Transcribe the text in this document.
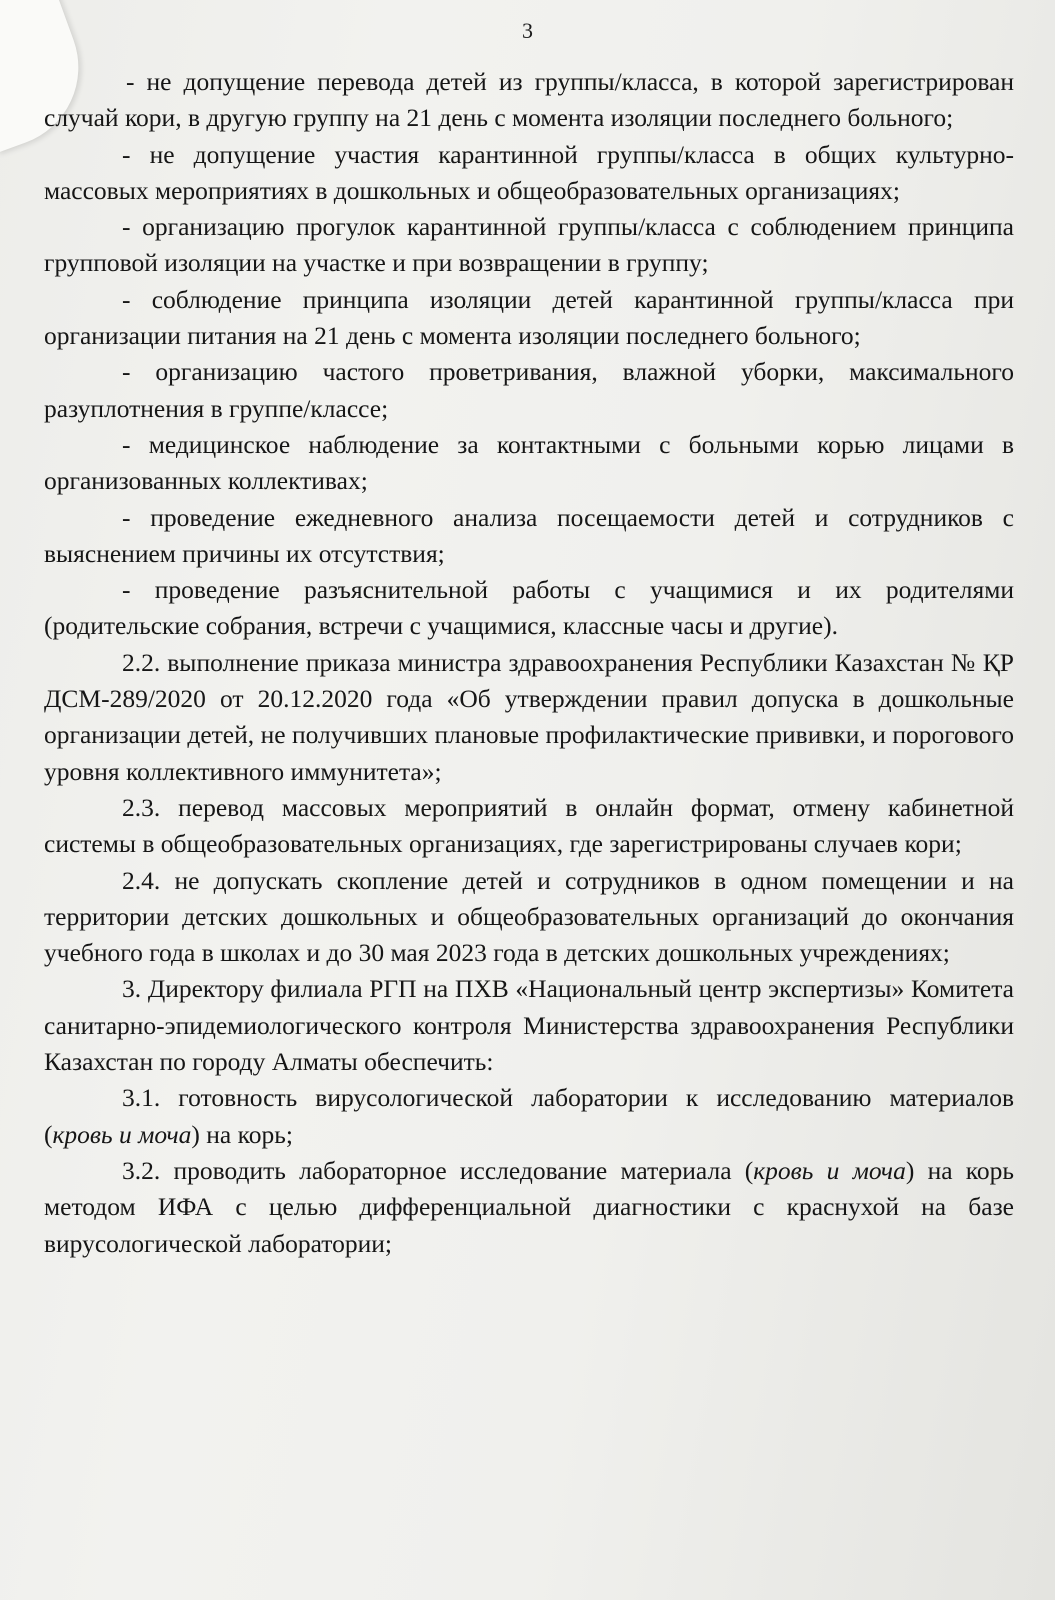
3

- не допущение перевода детей из группы/класса, в которой зарегистрирован случай кори, в другую группу на 21 день с момента изоляции последнего больного;

- не допущение участия карантинной группы/класса в общих культурно-массовых мероприятиях в дошкольных и общеобразовательных организациях;

- организацию прогулок карантинной группы/класса с соблюдением принципа групповой изоляции на участке и при возвращении в группу;

- соблюдение принципа изоляции детей карантинной группы/класса при организации питания на 21 день с момента изоляции последнего больного;

- организацию частого проветривания, влажной уборки, максимального разуплотнения в группе/классе;

- медицинское наблюдение за контактными с больными корью лицами в организованных коллективах;

- проведение ежедневного анализа посещаемости детей и сотрудников с выяснением причины их отсутствия;

- проведение разъяснительной работы с учащимися и их родителями (родительские собрания, встречи с учащимися, классные часы и другие).

2.2. выполнение приказа министра здравоохранения Республики Казахстан № ҚР ДСМ-289/2020 от 20.12.2020 года «Об утверждении правил допуска в дошкольные организации детей, не получивших плановые профилактические прививки, и порогового уровня коллективного иммунитета»;

2.3. перевод массовых мероприятий в онлайн формат, отмену кабинетной системы в общеобразовательных организациях, где зарегистрированы случаев кори;

2.4. не допускать скопление детей и сотрудников в одном помещении и на территории детских дошкольных и общеобразовательных организаций до окончания учебного года в школах и до 30 мая 2023 года в детских дошкольных учреждениях;

3. Директору филиала РГП на ПХВ «Национальный центр экспертизы» Комитета санитарно-эпидемиологического контроля Министерства здравоохранения Республики Казахстан по городу Алматы обеспечить:

3.1. готовность вирусологической лаборатории к исследованию материалов (кровь и моча) на корь;

3.2. проводить лабораторное исследование материала (кровь и моча) на корь методом ИФА с целью дифференциальной диагностики с краснухой на базе вирусологической лаборатории;
